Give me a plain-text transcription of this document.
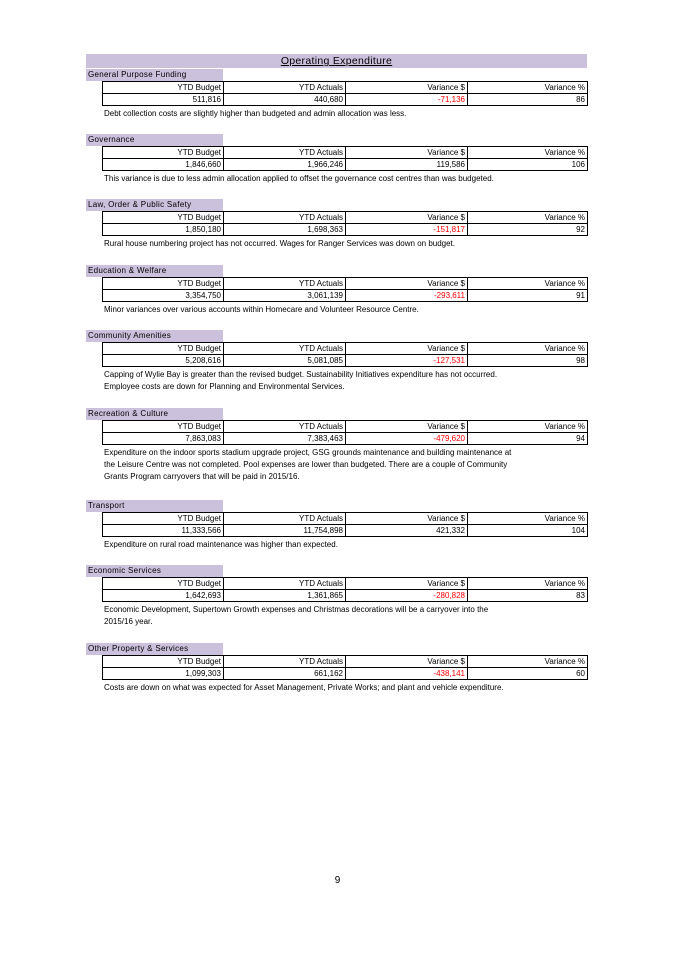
Operating Expenditure
General Purpose Funding
YTD Budget	YTD Actuals	Variance $	Variance %
511,816	440,680	-71,136	86
Debt collection costs are slightly higher than budgeted and admin allocation was less.
Governance
YTD Budget	YTD Actuals	Variance $	Variance %
1,846,660	1,966,246	119,586	106
This variance is due to less admin allocation applied to offset the governance cost centres than was budgeted.
Law, Order & Public Safety
YTD Budget	YTD Actuals	Variance $	Variance %
1,850,180	1,698,363	-151,817	92
Rural house numbering project has not occurred. Wages for Ranger Services was down on budget.
Education & Welfare
YTD Budget	YTD Actuals	Variance $	Variance %
3,354,750	3,061,139	-293,611	91
Minor variances over various accounts within Homecare and Volunteer Resource Centre.
Community Amenities
YTD Budget	YTD Actuals	Variance $	Variance %
5,208,616	5,081,085	-127,531	98
Capping of Wylie Bay is greater than the revised budget. Sustainability Initiatives expenditure has not occurred.
Employee costs are down for Planning and Environmental Services.
Recreation & Culture
YTD Budget	YTD Actuals	Variance $	Variance %
7,863,083	7,383,463	-479,620	94
Expenditure on the indoor sports stadium upgrade project, GSG grounds maintenance and building maintenance at
the Leisure Centre was not completed. Pool expenses are lower than budgeted. There are a couple of Community
Grants Program carryovers that will be paid in 2015/16.
Transport
YTD Budget	YTD Actuals	Variance $	Variance %
11,333,566	11,754,898	421,332	104
Expenditure on rural road maintenance was higher than expected.
Economic Services
YTD Budget	YTD Actuals	Variance $	Variance %
1,642,693	1,361,865	-280,828	83
Economic Development, Supertown Growth expenses and Christmas decorations will be a carryover into the
2015/16 year.
Other Property & Services
YTD Budget	YTD Actuals	Variance $	Variance %
1,099,303	661,162	-438,141	60
Costs are down on what was expected for Asset Management, Private Works; and plant and vehicle expenditure.
9
